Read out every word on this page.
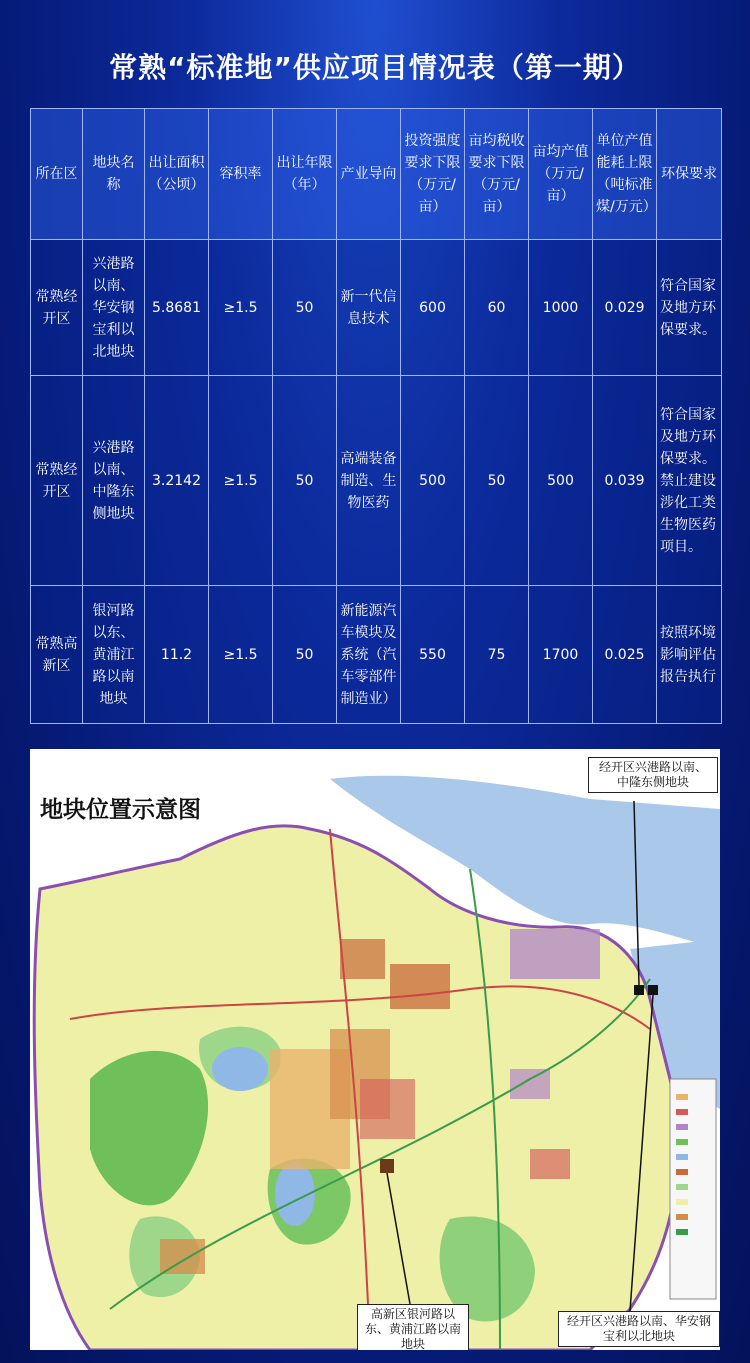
常熟“标准地”供应项目情况表（第一期）
所在区	地块名称	出让面积（公顷）	容积率	出让年限（年）	产业导向	投资强度要求下限（万元/亩）	亩均税收要求下限（万元/亩）	亩均产值（万元/亩）	单位产值能耗上限（吨标准煤/万元）	环保要求
常熟经开区	兴港路以南、华安钢宝利以北地块	5.8681	≥1.5	50	新一代信息技术	600	60	1000	0.029	符合国家及地方环保要求。
常熟经开区	兴港路以南、中隆东侧地块	3.2142	≥1.5	50	高端装备制造、生物医药	500	50	500	0.039	符合国家及地方环保要求。禁止建设涉化工类生物医药项目。
常熟高新区	银河路以东、黄浦江路以南地块	11.2	≥1.5	50	新能源汽车模块及系统（汽车零部件制造业）	550	75	1700	0.025	按照环境影响评估报告执行
地块位置示意图
经开区兴港路以南、中隆东侧地块
高新区银河路以东、黄浦江路以南地块
经开区兴港路以南、华安钢宝利以北地块
